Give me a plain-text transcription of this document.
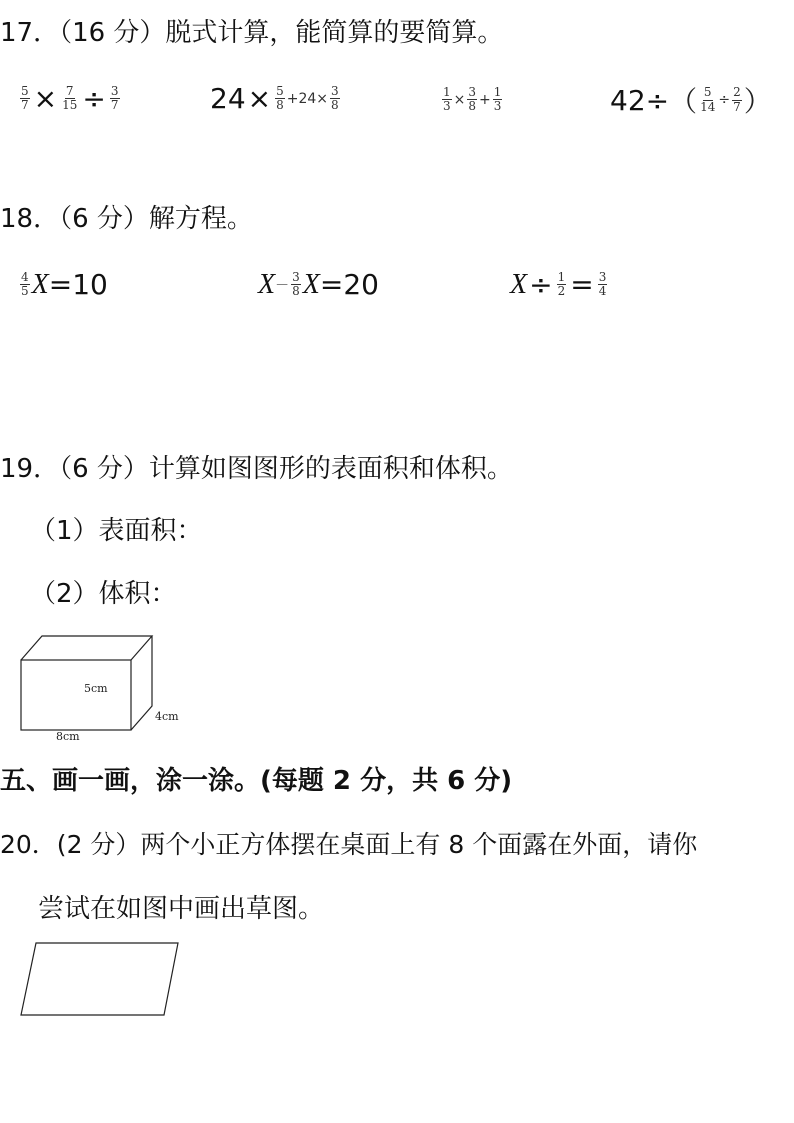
17．（16 分）脱式计算，能简算的要简算。
$\frac{5}{7} \times \frac{7}{15} \div \frac{3}{7}$	$24 \times \frac{5}{8} +24\times \frac{3}{8}$	$\frac{1}{3} \times \frac{3}{8} + \frac{1}{3}$	42÷ （ $\frac{5}{14} \div \frac{2}{7}$ ）
18．（6 分）解方程。
$\frac{4}{5}$ X =10	$X - \frac{3}{8}$ X =20	$X \div \frac{1}{2} = \frac{3}{4}$
19．（6 分）计算如图图形的表面积和体积。
（1）表面积：
（2）体积：
5cm
4cm
8cm
五、画一画，涂一涂。(每题 2 分，共 6 分)
20．(2 分）两个小正方体摆在桌面上有 8 个面露在外面，请你
尝试在如图中画出草图。
